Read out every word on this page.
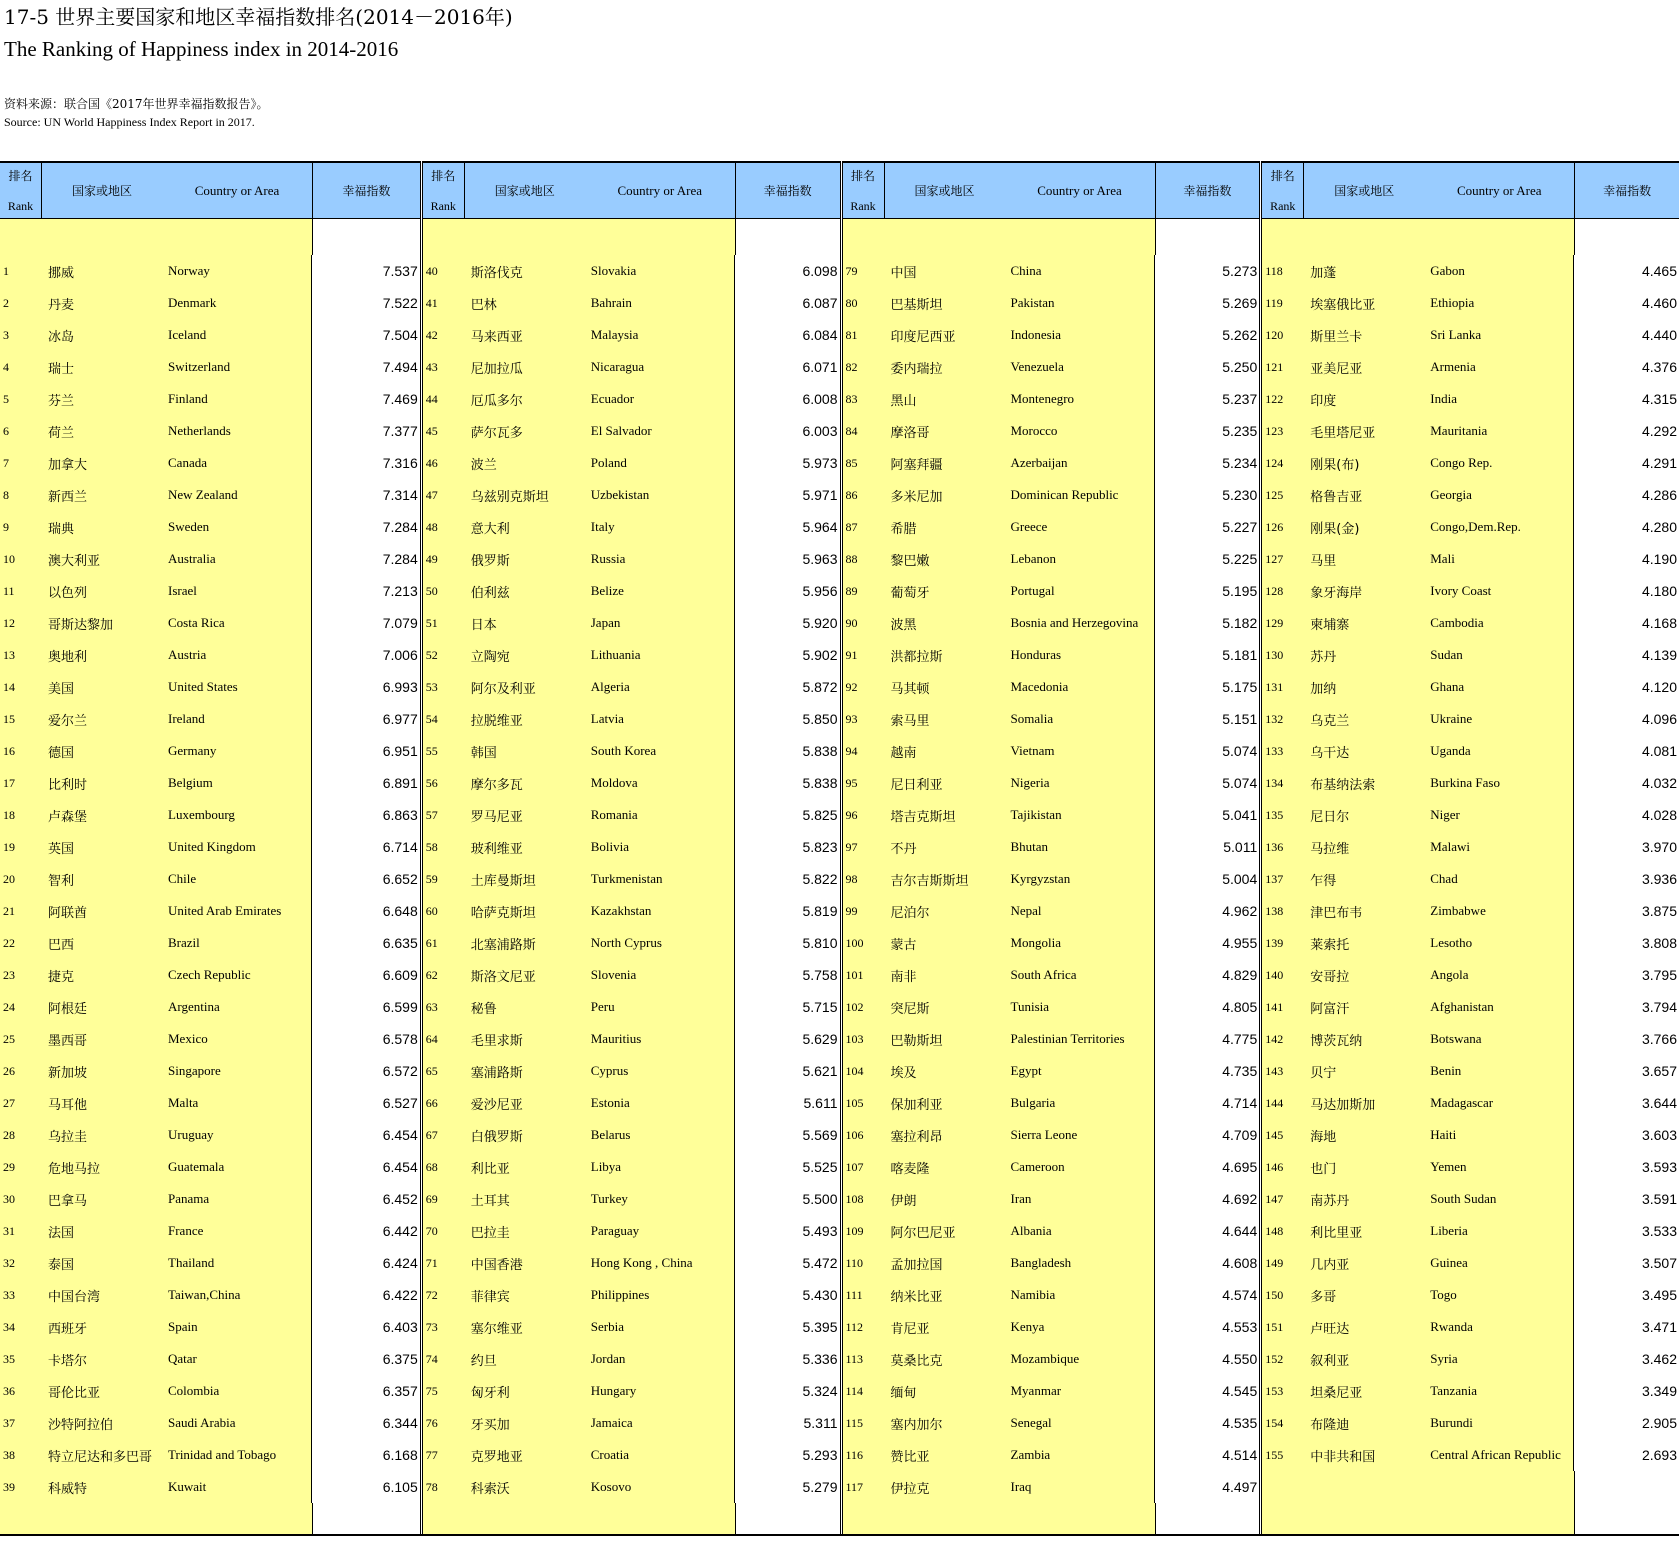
17-5 世界主要国家和地区幸福指数排名(2014－2016年)
The Ranking of Happiness index in 2014-2016
资料来源：联合国《2017年世界幸福指数报告》。
Source: UN World Happiness Index Report in 2017.
排名
Rank
国家或地区	Country or Area	幸福指数
1	挪威	Norway	7.537
2	丹麦	Denmark	7.522
3	冰岛	Iceland	7.504
4	瑞士	Switzerland	7.494
5	芬兰	Finland	7.469
6	荷兰	Netherlands	7.377
7	加拿大	Canada	7.316
8	新西兰	New Zealand	7.314
9	瑞典	Sweden	7.284
10	澳大利亚	Australia	7.284
11	以色列	Israel	7.213
12	哥斯达黎加	Costa Rica	7.079
13	奥地利	Austria	7.006
14	美国	United States	6.993
15	爱尔兰	Ireland	6.977
16	德国	Germany	6.951
17	比利时	Belgium	6.891
18	卢森堡	Luxembourg	6.863
19	英国	United Kingdom	6.714
20	智利	Chile	6.652
21	阿联酋	United Arab Emirates	6.648
22	巴西	Brazil	6.635
23	捷克	Czech Republic	6.609
24	阿根廷	Argentina	6.599
25	墨西哥	Mexico	6.578
26	新加坡	Singapore	6.572
27	马耳他	Malta	6.527
28	乌拉圭	Uruguay	6.454
29	危地马拉	Guatemala	6.454
30	巴拿马	Panama	6.452
31	法国	France	6.442
32	泰国	Thailand	6.424
33	中国台湾	Taiwan,China	6.422
34	西班牙	Spain	6.403
35	卡塔尔	Qatar	6.375
36	哥伦比亚	Colombia	6.357
37	沙特阿拉伯	Saudi Arabia	6.344
38	特立尼达和多巴哥	Trinidad and Tobago	6.168
39	科威特	Kuwait	6.105
排名
Rank
国家或地区	Country or Area	幸福指数
40	斯洛伐克	Slovakia	6.098
41	巴林	Bahrain	6.087
42	马来西亚	Malaysia	6.084
43	尼加拉瓜	Nicaragua	6.071
44	厄瓜多尔	Ecuador	6.008
45	萨尔瓦多	El Salvador	6.003
46	波兰	Poland	5.973
47	乌兹别克斯坦	Uzbekistan	5.971
48	意大利	Italy	5.964
49	俄罗斯	Russia	5.963
50	伯利兹	Belize	5.956
51	日本	Japan	5.920
52	立陶宛	Lithuania	5.902
53	阿尔及利亚	Algeria	5.872
54	拉脱维亚	Latvia	5.850
55	韩国	South Korea	5.838
56	摩尔多瓦	Moldova	5.838
57	罗马尼亚	Romania	5.825
58	玻利维亚	Bolivia	5.823
59	土库曼斯坦	Turkmenistan	5.822
60	哈萨克斯坦	Kazakhstan	5.819
61	北塞浦路斯	North Cyprus	5.810
62	斯洛文尼亚	Slovenia	5.758
63	秘鲁	Peru	5.715
64	毛里求斯	Mauritius	5.629
65	塞浦路斯	Cyprus	5.621
66	爱沙尼亚	Estonia	5.611
67	白俄罗斯	Belarus	5.569
68	利比亚	Libya	5.525
69	土耳其	Turkey	5.500
70	巴拉圭	Paraguay	5.493
71	中国香港	Hong Kong , China	5.472
72	菲律宾	Philippines	5.430
73	塞尔维亚	Serbia	5.395
74	约旦	Jordan	5.336
75	匈牙利	Hungary	5.324
76	牙买加	Jamaica	5.311
77	克罗地亚	Croatia	5.293
78	科索沃	Kosovo	5.279
排名
Rank
国家或地区	Country or Area	幸福指数
79	中国	China	5.273
80	巴基斯坦	Pakistan	5.269
81	印度尼西亚	Indonesia	5.262
82	委内瑞拉	Venezuela	5.250
83	黑山	Montenegro	5.237
84	摩洛哥	Morocco	5.235
85	阿塞拜疆	Azerbaijan	5.234
86	多米尼加	Dominican Republic	5.230
87	希腊	Greece	5.227
88	黎巴嫩	Lebanon	5.225
89	葡萄牙	Portugal	5.195
90	波黑	Bosnia and Herzegovina	5.182
91	洪都拉斯	Honduras	5.181
92	马其顿	Macedonia	5.175
93	索马里	Somalia	5.151
94	越南	Vietnam	5.074
95	尼日利亚	Nigeria	5.074
96	塔吉克斯坦	Tajikistan	5.041
97	不丹	Bhutan	5.011
98	吉尔吉斯斯坦	Kyrgyzstan	5.004
99	尼泊尔	Nepal	4.962
100	蒙古	Mongolia	4.955
101	南非	South Africa	4.829
102	突尼斯	Tunisia	4.805
103	巴勒斯坦	Palestinian Territories	4.775
104	埃及	Egypt	4.735
105	保加利亚	Bulgaria	4.714
106	塞拉利昂	Sierra Leone	4.709
107	喀麦隆	Cameroon	4.695
108	伊朗	Iran	4.692
109	阿尔巴尼亚	Albania	4.644
110	孟加拉国	Bangladesh	4.608
111	纳米比亚	Namibia	4.574
112	肯尼亚	Kenya	4.553
113	莫桑比克	Mozambique	4.550
114	缅甸	Myanmar	4.545
115	塞内加尔	Senegal	4.535
116	赞比亚	Zambia	4.514
117	伊拉克	Iraq	4.497
排名
Rank
国家或地区	Country or Area	幸福指数
118	加蓬	Gabon	4.465
119	埃塞俄比亚	Ethiopia	4.460
120	斯里兰卡	Sri Lanka	4.440
121	亚美尼亚	Armenia	4.376
122	印度	India	4.315
123	毛里塔尼亚	Mauritania	4.292
124	刚果(布)	Congo Rep.	4.291
125	格鲁吉亚	Georgia	4.286
126	刚果(金)	Congo,Dem.Rep.	4.280
127	马里	Mali	4.190
128	象牙海岸	Ivory Coast	4.180
129	柬埔寨	Cambodia	4.168
130	苏丹	Sudan	4.139
131	加纳	Ghana	4.120
132	乌克兰	Ukraine	4.096
133	乌干达	Uganda	4.081
134	布基纳法索	Burkina Faso	4.032
135	尼日尔	Niger	4.028
136	马拉维	Malawi	3.970
137	乍得	Chad	3.936
138	津巴布韦	Zimbabwe	3.875
139	莱索托	Lesotho	3.808
140	安哥拉	Angola	3.795
141	阿富汗	Afghanistan	3.794
142	博茨瓦纳	Botswana	3.766
143	贝宁	Benin	3.657
144	马达加斯加	Madagascar	3.644
145	海地	Haiti	3.603
146	也门	Yemen	3.593
147	南苏丹	South Sudan	3.591
148	利比里亚	Liberia	3.533
149	几内亚	Guinea	3.507
150	多哥	Togo	3.495
151	卢旺达	Rwanda	3.471
152	叙利亚	Syria	3.462
153	坦桑尼亚	Tanzania	3.349
154	布隆迪	Burundi	2.905
155	中非共和国	Central African Republic	2.693
